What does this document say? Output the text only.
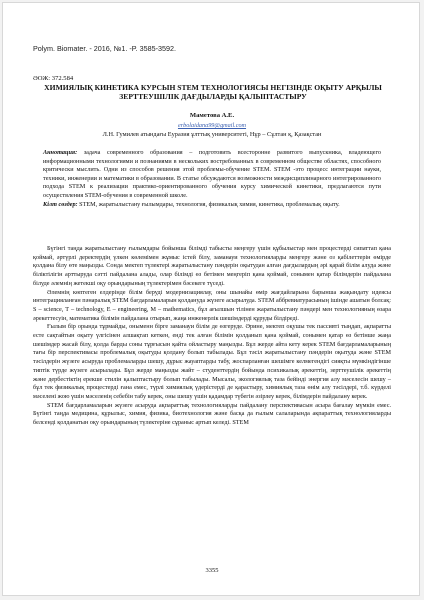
Polym. Biomater. - 2016, №1. -P. 3585-3592.
ӘОЖ: 372.584
ХИМИЯЛЫҚ КИНЕТИКА КУРСЫН STEM ТЕХНОЛОГИЯСЫ НЕГІЗІНДЕ ОҚЫТУ АРҚЫЛЫ ЗЕРТТЕУШІЛІК ДАҒДЫЛАРДЫ ҚАЛЫПТАСТЫРУ
Маметова А.Е.
erbolaidana99@gmail.com
Л.Н. Гумилев атындағы Еуразия ұлттық университеті, Нұр – Сұлтан қ, Қазақстан

Аннотация: задача современного образования – подготовить всесторонне развитого выпускника, владеющего информационными технологиями и познаниями в нескольких востребованных в современном обществе областях, способного критически мыслить. Одни из способов решения этой проблемы-обучение STEM. STEM -это процесс интеграции науки, техники, инженерии и математики в образовании. В статье обсуждаются возможности междисциплинарного интегрированного подхода STEM к реализации практико-ориентированного обучения курсу химической кинетики, предлагаются пути осуществления STEM-обучения в современной школе.

Кілт сөздер: STEM, жаратылыстану ғылымдары, технология, физикалық химия, кинетика, проблемалық оқыту.

Бүгінгі таңда жаратылыстану ғылымдары бойынша білімді табысты меңгеру үшін құбылыстар мен процестерді сипаттап қана қоймай, әртүрлі деректердің үлкен көлемімен жұмыс істей білу, заманауи технологияларды меңгеру және оз қабілеттерін өмірде қолдана білу өте маңызды. Сонда мектеп түлектері жаратылыстану пәндерін оқытудан алған дағдылардың әрі қарай білім алуда және біліктілігін арттыруда сәтті пайдалана алады, олар білімді өз бетімен меңгеріп қана қоймай, сонымен қатар білімдерін пайдалана білуде әлемнің жетекші оқу орындарының түлектерімен бәсекеге түседі.

Әлемнің көптеген елдерінде білім беруді модернизациялау, оны шынайы өмір жағдайларына барынша жақындату идеясы интеграцияланған пәнаралық STEM бағдарламаларын қолдануда жүзеге асырылуда. STEM аббревиатурасының ішінде ашатын болсақ: S – science, T – technology, E – engineering, M – mathematics, бұл ағылшын тілінен жаратылыстану пәндері мен технологияның өзара әрекеттесуін, математика білімін пайдалана отырып, жаңа инженерлік шешімдерді құруды білдіреді.

Ғылым бір орында тұрмайды, оныменн бірге заманауи білім де өзгеруде. Әрине, мектеп оқушы тек пассивті тыңдап, ақпаратты есте сақтайтын оқыту үлгісінен алшақтап кеткен, енді тек алған білімін қолданып қана қоймай, сонымен қатар өз бетінше жаңа шешімдер жасай білу, қолда барды соны тұрғысын қайта ойластыру маңызды. Бұл жерде айта кету керек STEM бағдарламаларының тағы бір перспективасы проблемалық оқытуды қолдану болып табылады. Бұл тәсіл жаратылыстану пәндерін оқытуда және STEM тәсілдерін жүзеге асыруда проблемаларды шешу, дұрыс жауаптарды табу, жоспарланған шешімге келмегендігі сияқты мүмкіндігінше типтік түрде жүзеге асырылады. Бұл жерде маңызды жайт – студенттердің бойында психикалық әрекеттің, зерттеушілік әрекеттің және дербестіктің ерекше стилін қалыптастыру болып табылады. Мысалы, экологиялық таза бейінді энергия алу мәселесін шешу – бұл тек физикалық процестерді ғана емес, түрлі химиялық үдерістерді де қарастыру, химиялық таза өнім алу тәсілдері, т.б. күрделі мәселені жою үшін мәселенің себебін табу керек, оны шешу үшін қадамдар түбегін әзірлеу керек, білімдерін пайдалану керек.

STEM бағдарламаларын жүзеге асыруда ақпараттық технологияларды пайдалану перспективасын асыра бағалау мүмкін емес. Бүгінгі таңда медицина, құрылыс, химия, физика, биотехнология және басқа да ғылым салаларында ақпараттық технологияларды белсенді қолданатын оқу орындарының түлектеріне сұраныс артып келеді. STEM

3355
